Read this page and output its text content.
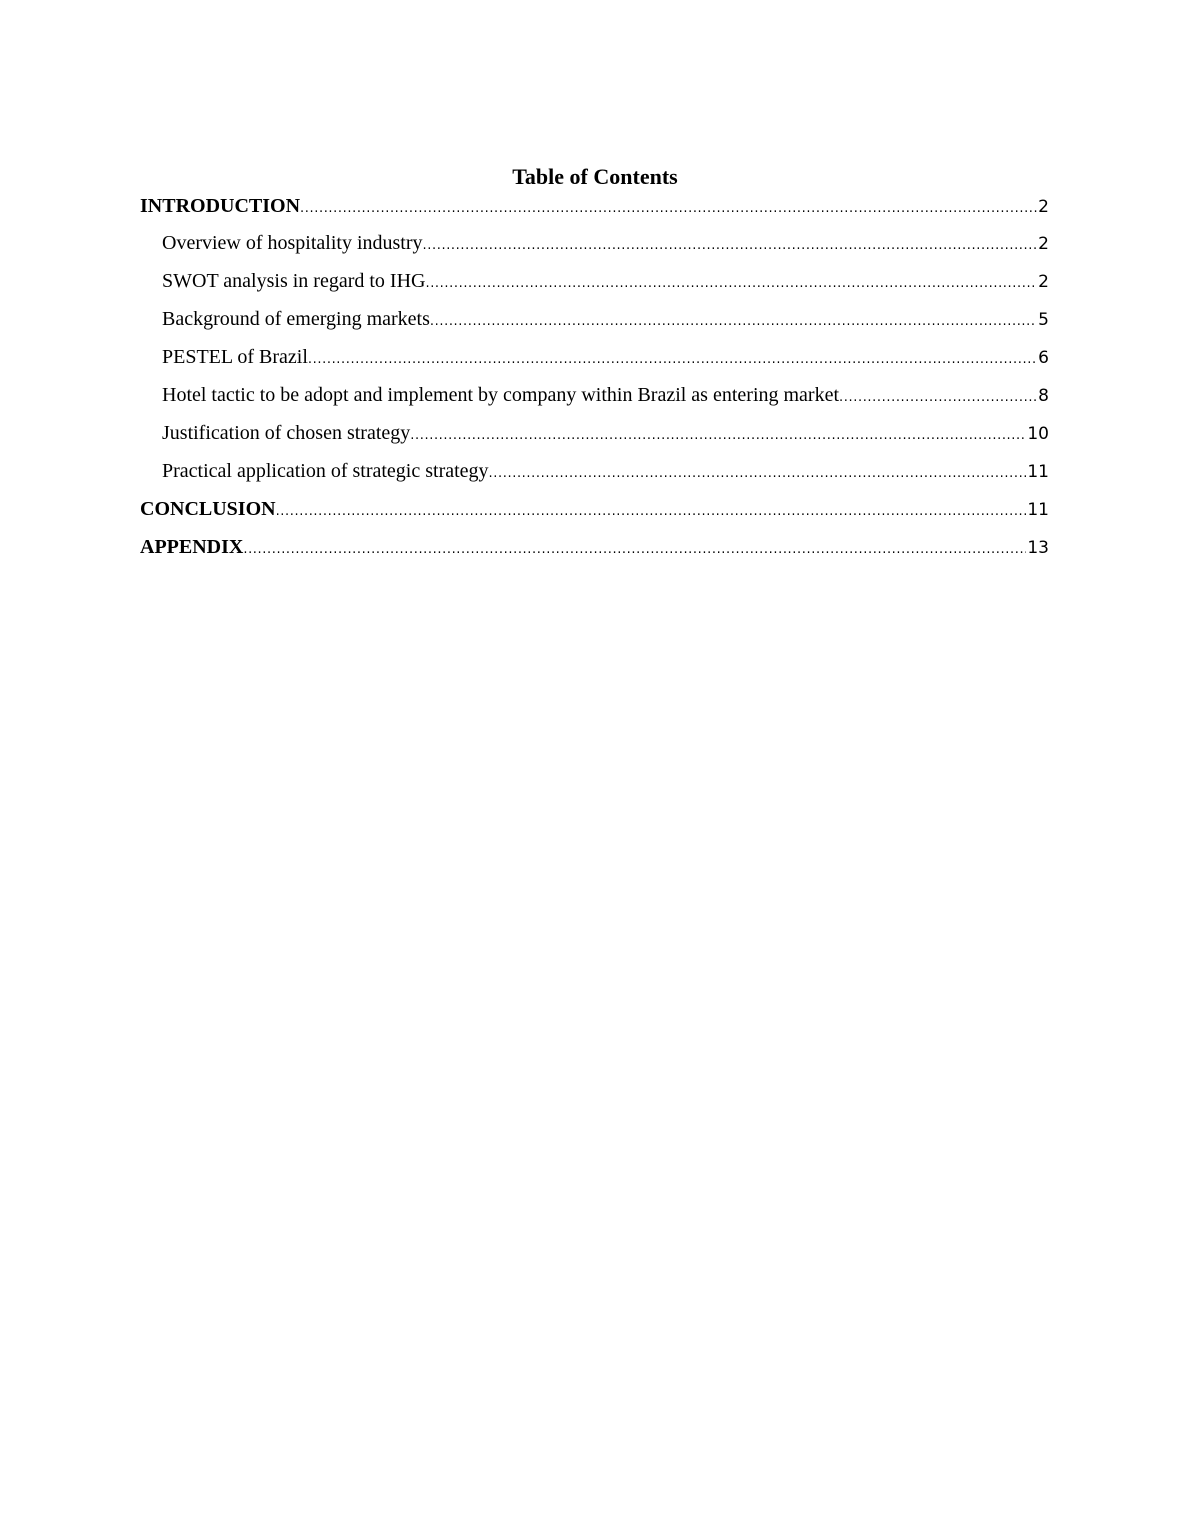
Table of Contents
INTRODUCTION .....	2
Overview of hospitality industry .....	2
SWOT analysis in regard to IHG .....	2
Background of emerging markets .....	5
PESTEL of Brazil .....	6
Hotel tactic to be adopt and implement by company within Brazil as entering market .....	8
Justification of chosen strategy .....	10
Practical application of strategic strategy .....	11
CONCLUSION .....	11
APPENDIX .....	13
